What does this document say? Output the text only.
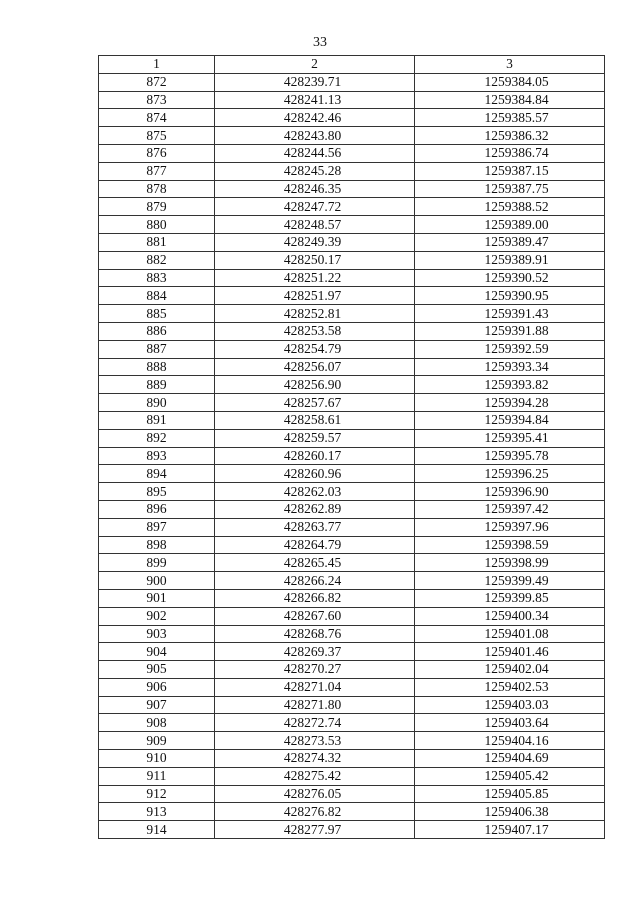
33
1	2	3
872	428239.71	1259384.05
873	428241.13	1259384.84
874	428242.46	1259385.57
875	428243.80	1259386.32
876	428244.56	1259386.74
877	428245.28	1259387.15
878	428246.35	1259387.75
879	428247.72	1259388.52
880	428248.57	1259389.00
881	428249.39	1259389.47
882	428250.17	1259389.91
883	428251.22	1259390.52
884	428251.97	1259390.95
885	428252.81	1259391.43
886	428253.58	1259391.88
887	428254.79	1259392.59
888	428256.07	1259393.34
889	428256.90	1259393.82
890	428257.67	1259394.28
891	428258.61	1259394.84
892	428259.57	1259395.41
893	428260.17	1259395.78
894	428260.96	1259396.25
895	428262.03	1259396.90
896	428262.89	1259397.42
897	428263.77	1259397.96
898	428264.79	1259398.59
899	428265.45	1259398.99
900	428266.24	1259399.49
901	428266.82	1259399.85
902	428267.60	1259400.34
903	428268.76	1259401.08
904	428269.37	1259401.46
905	428270.27	1259402.04
906	428271.04	1259402.53
907	428271.80	1259403.03
908	428272.74	1259403.64
909	428273.53	1259404.16
910	428274.32	1259404.69
911	428275.42	1259405.42
912	428276.05	1259405.85
913	428276.82	1259406.38
914	428277.97	1259407.17
